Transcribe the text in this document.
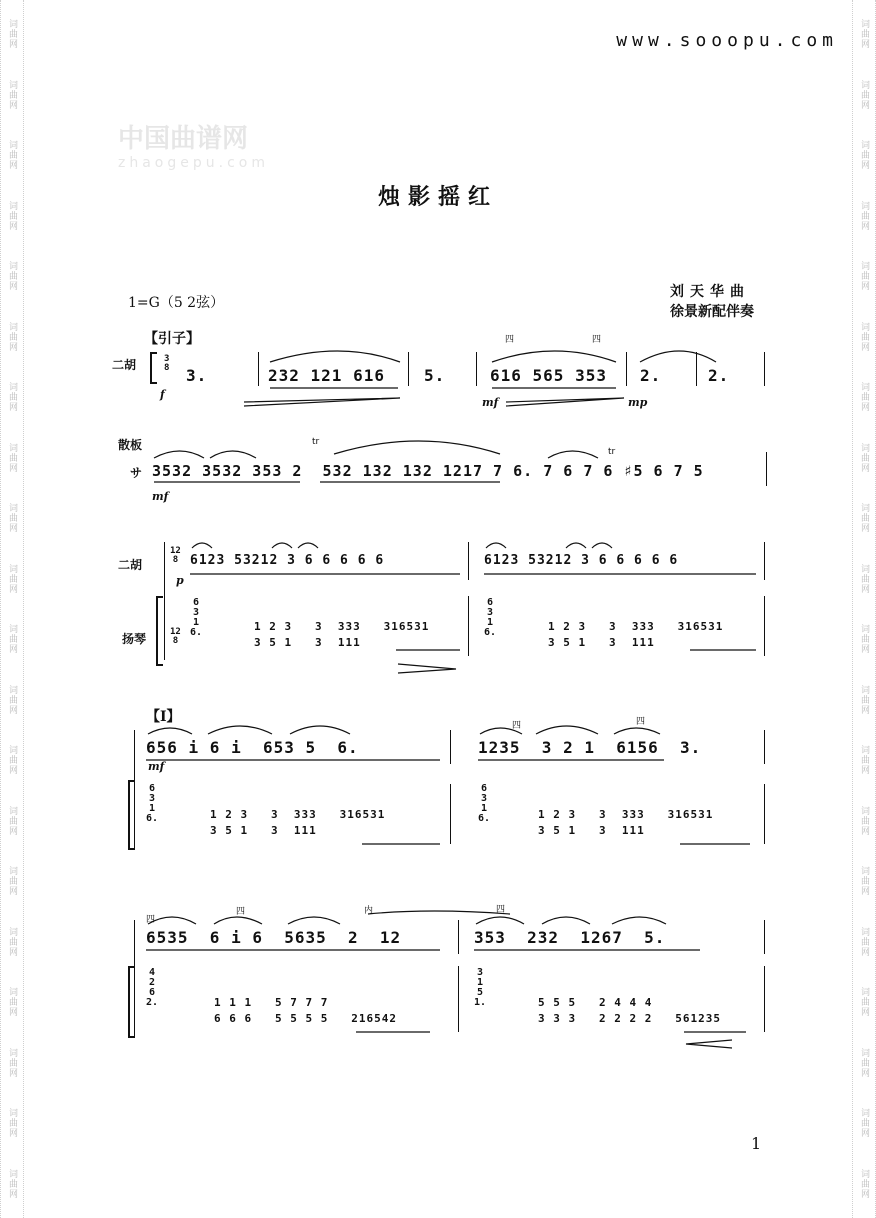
词曲网
词曲网
词曲网
词曲网
词曲网
词曲网
词曲网
词曲网
词曲网
词曲网
词曲网
词曲网
词曲网
词曲网
词曲网
词曲网
词曲网
词曲网
词曲网
词曲网
词曲网
词曲网
词曲网
词曲网
词曲网
词曲网
词曲网
词曲网
词曲网
词曲网
词曲网
词曲网
词曲网
词曲网
词曲网
词曲网
词曲网
词曲网
词曲网
词曲网
www.sooopu.com
中国曲谱网
zhaogepu.com
烛影摇红
刘天华曲
徐景新配伴奏
1=G（5 2弦）
【引子】
二胡	3
8 3.	232 121 616 5.	616 565 353 2.	2.
四	四
f
mf	mp
散板
サ 3532 3532 353 2  532 132 132 1217 7 6. 7 6 7 6 ♯5 6 7 5
mf
tr
tr
二胡
扬琴
12
8
12
8
p
6123 53212 3 6 6 6 6 6	6123 53212 3 6 6 6 6 6
6
3
1
6.	1 2 3   3  333   316531
3 5 1   3  111
6
3
1
6.	1 2 3   3  333   316531
3 5 1   3  111
【Ⅰ】
mf
656 i 6 i  653 5  6.	1235  3 2 1  6156  3.
四	四
6
3
1
6.	1 2 3   3  333   316531
3 5 1   3  111
6
3
1
6.	1 2 3   3  333   316531
3 5 1   3  111
四
四	内	四
6535  6 i 6  5635  2  12	353  232  1267  5.
4
2
6
2.	1 1 1   5 7 7 7
6 6 6   5 5 5 5   216542
3
1
5
1.	5 5 5   2 4 4 4
3 3 3   2 2 2 2   561235
1
